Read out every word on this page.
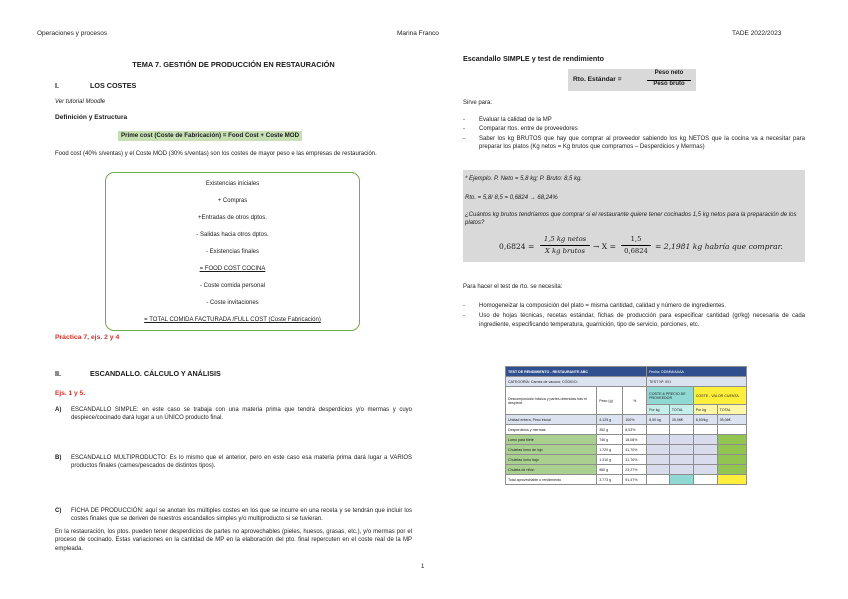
Operaciones y procesos	Marina Franco	TADE 2022/2023
TEMA 7. GESTIÓN DE PRODUCCIÓN EN RESTAURACIÓN
I.	LOS COSTES
Ver tutorial Moodle
Definición y Estructura
Prime cost (Coste de Fabricación) = Food Cost + Coste MOD
Food cost (40% s/ventas) y el Coste MOD (30% s/ventas) son los costes de mayor peso e las empresas de restauración.
Existencias iniciales
+ Compras
+Entradas de otros dptos.
- Salidas hacia otros dptos.
- Existencias finales
= FOOD COST COCINA
- Coste comida personal
- Coste invitaciones
= TOTAL COMIDA FACTURADA /FULL COST (Coste Fabricación)
Práctica 7, ejs. 2 y 4
II.	ESCANDALLO. CÁLCULO Y ANÁLISIS
Ejs. 1 y 5.
A) ESCANDALLO SIMPLE: en este caso se trabaja con una materia prima que tendrá desperdicios y/o mermas y cuyo despiece/cocinado dará lugar a un ÚNICO producto final.
B) ESCANDALLO MULTIPRODUCTO: Es lo mismo que el anterior, pero en este caso esa materia prima dará lugar a VARIOS productos finales (carnes/pescados de distintos tipos).
C) FICHA DE PRODUCCIÓN: aquí se anotan los múltiples costes en los que se incurre en una receta y se tendrán que incluir los costes finales que se deriven de nuestros escandallos simples y/o multiproducto si se tuvieran.
En la restauración, los ptos. pueden tener desperdicios de partes no aprovechables (pieles, huesos, grasas, etc.), y/o mermas por el proceso de cocinado. Estas variaciones en la cantidad de MP en la elaboración del pto. final repercuten en el coste real de la MP empleada.
1
Escandallo SIMPLE y test de rendimiento
Rto. Estándar =
Peso neto
Peso bruto
Sirve para:
- Evaluar la calidad de la MP
- Comparar rtos. entre de proveedores
- Saber los kg BRUTOS que hay que comprar al proveedor sabiendo los kg NETOS que la cocina va a necesitar para preparar los platos (Kg netos = Kg brutos que compramos – Desperdicios y Mermas)
* Ejemplo. P. Neto = 5,8 kg; P. Bruto: 8,5 kg.
Rto. = 5,8/ 8,5 = 0,6824 → 68,24%
¿Cuántos kg brutos tendríamos que comprar si el restaurante quiere tener cocinados 1,5 kg netos para la preparación de los platos?
0,6824 =
1,5 kg netos
X kg brutos	→ X =
1,5
0,6824 = 2,1981 kg habría que comprar.
Para hacer el test de rto. se necesita:
- Homogeneizar la composición del plato = misma cantidad, calidad y número de ingredientes.
- Uso de hojas técnicas, recetas estándar, fichas de producción para especificar cantidad (gr/kg) necesaria de cada ingrediente, especificando temperatura, guarnición, tipo de servicio, porciones, etc.
TEST DE RENDIMIENTO - RESTAURANTE ABC			Fecha: DD/MM/AAAA			
CATEGORÍA: Carnes de vacuno; CÓDIGO:			TEST Nº: 001			
Descomposición básica y partes obtenidas tras el despiece	Peso (g)	%	COSTE & PRECIO DE PROVEEDOR		COSTE - VALOR CUENTA	
			Por kg	TOTAL	Por kg	TOTAL
Unidad entera, Peso inicial	4.125 g	100%	8,50 kg	35,06€	8,50/kg	35,06€
Desperdicios y mermas	352 g	8,53%				
Lomo para filete	746 g	18,08%				
Chuletas lomo de lujo	1.720 g	41,70%				
Chuletas lomo bajo	1.310 g	31,76%				
Chuleta de riñón	960 g	23,27%				
Total aprovechable o rendimiento	3.773 g	91,47%				
